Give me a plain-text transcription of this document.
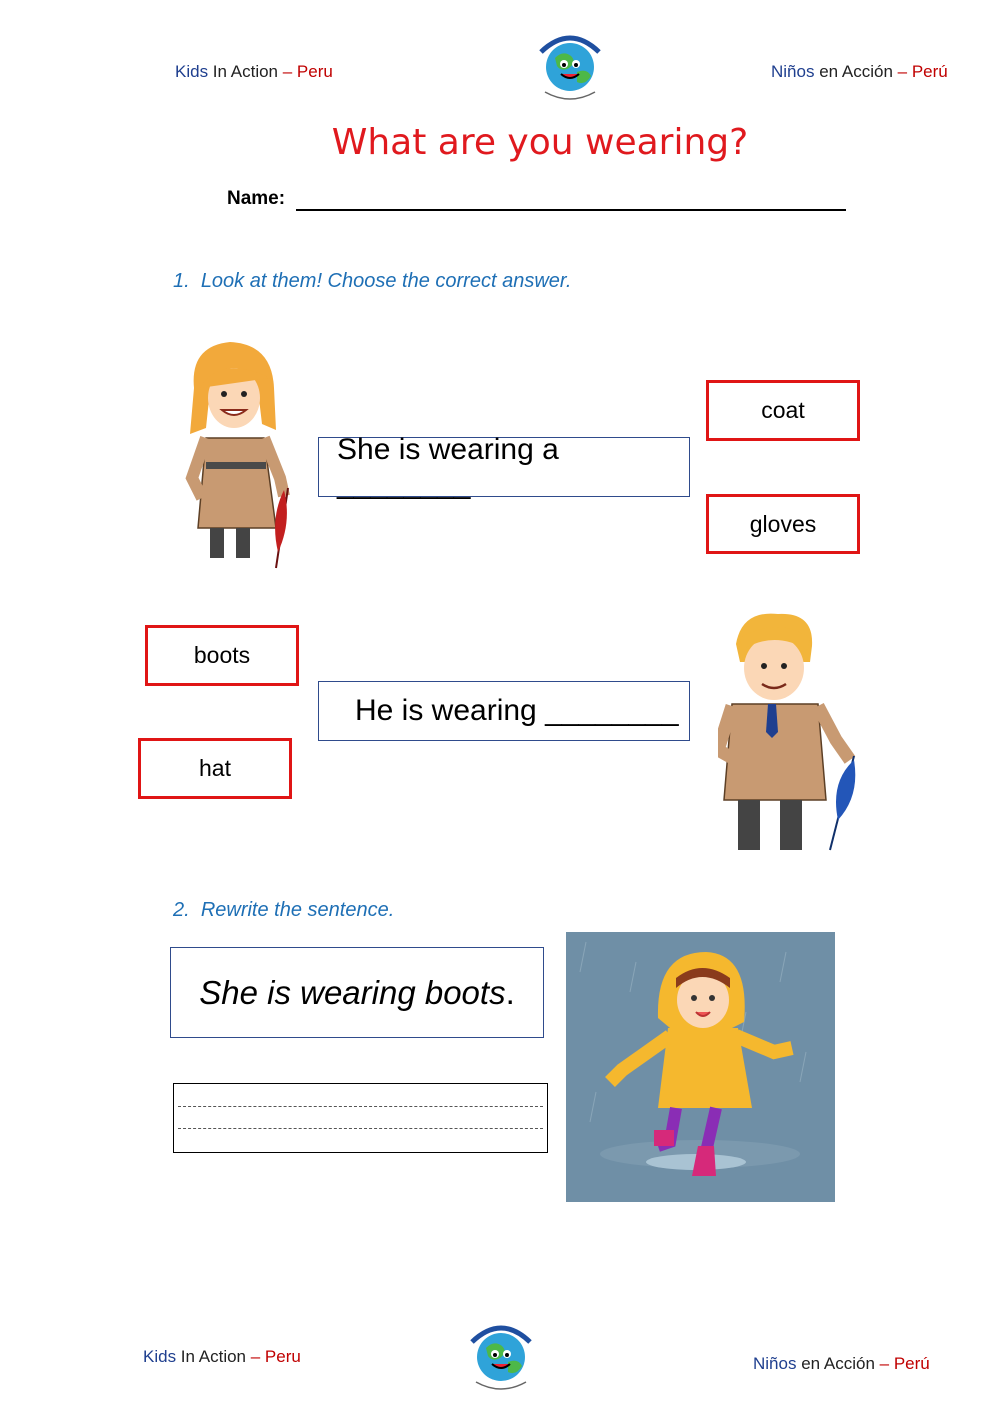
Kids In Action – Peru	Niños en Acción – Perú
What are you wearing?
Name:
1. Look at them! Choose the correct answer.
She is wearing a ________
coat
gloves
boots
hat
He is wearing ________
2. Rewrite the sentence.
She is wearing boots .
Kids In Action – Peru	Niños en Acción – Perú
